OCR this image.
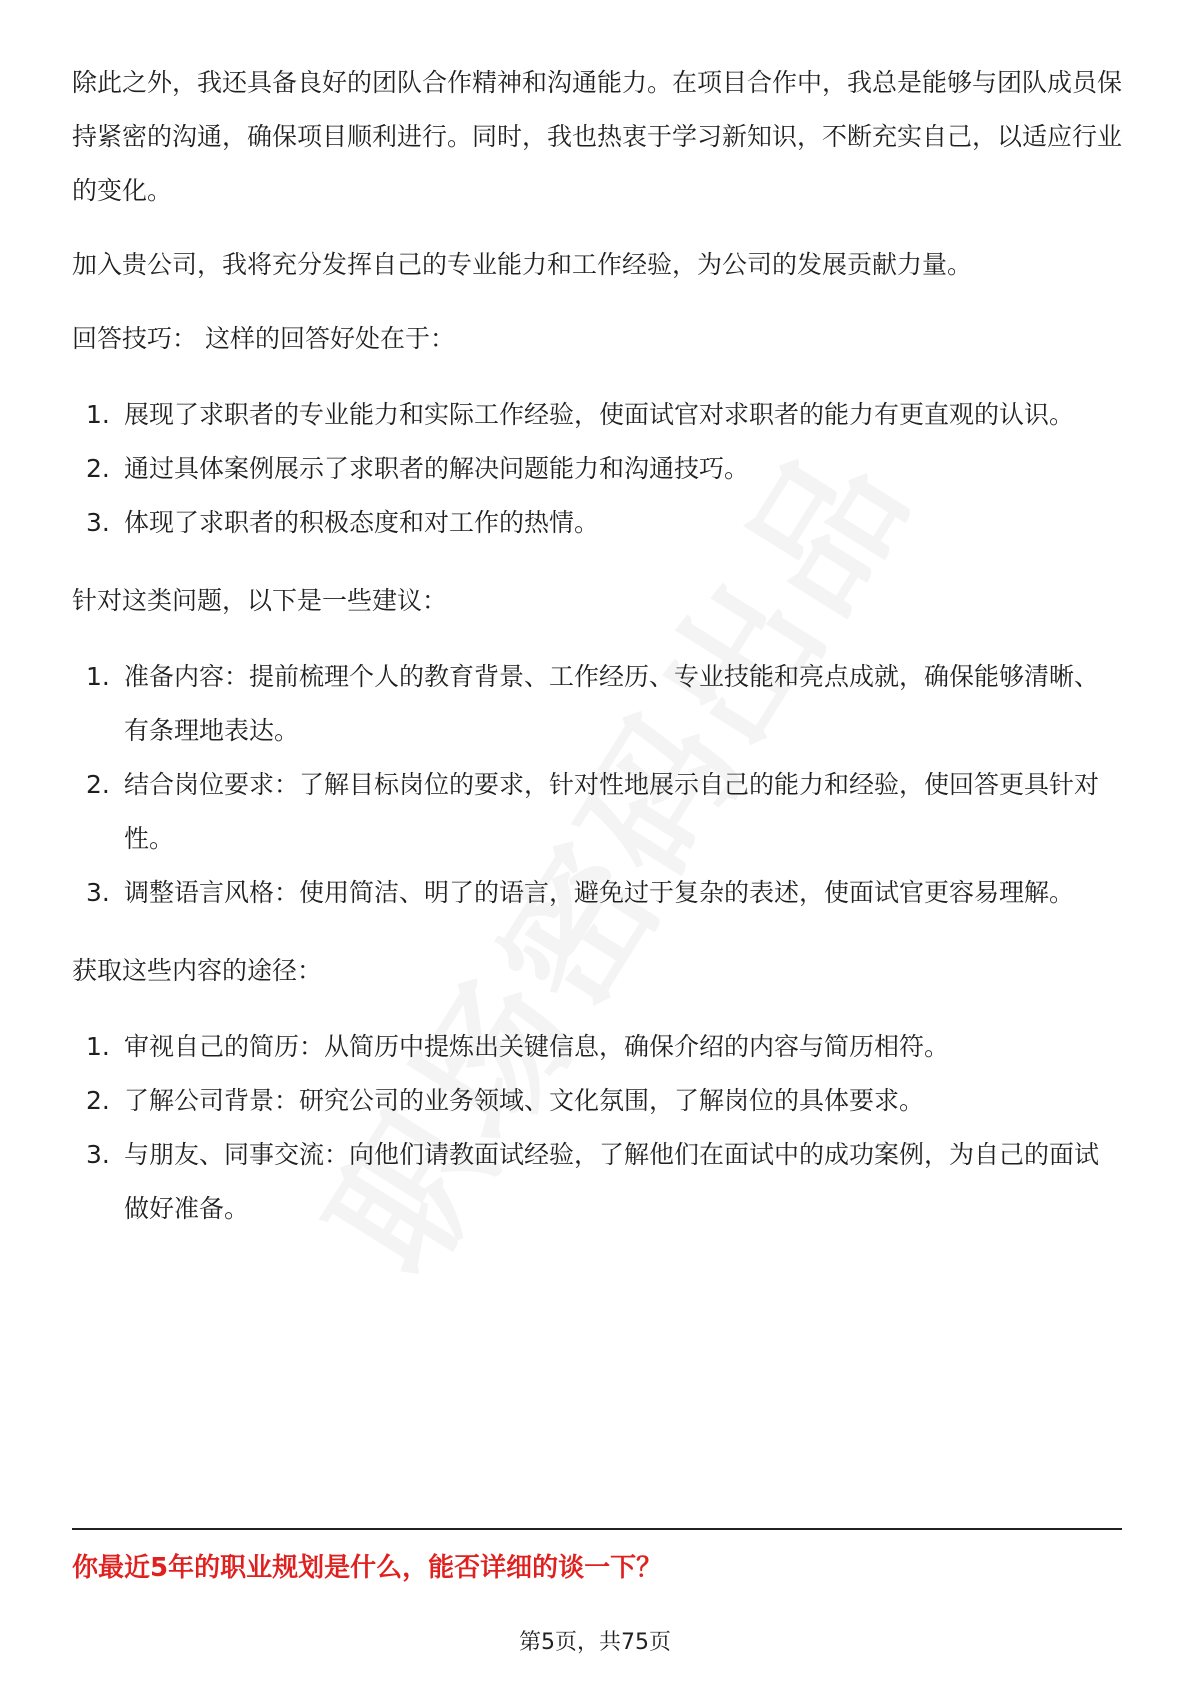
除此之外，我还具备良好的团队合作精神和沟通能力。在项目合作中，我总是能够与团队成员保持紧密的沟通，确保项目顺利进行。同时，我也热衷于学习新知识，不断充实自己，以适应行业的变化。

加入贵公司，我将充分发挥自己的专业能力和工作经验，为公司的发展贡献力量。

回答技巧： 这样的回答好处在于：

1. 展现了求职者的专业能力和实际工作经验，使面试官对求职者的能力有更直观的认识。
2. 通过具体案例展示了求职者的解决问题能力和沟通技巧。
3. 体现了求职者的积极态度和对工作的热情。

针对这类问题，以下是一些建议：

1. 准备内容：提前梳理个人的教育背景、工作经历、专业技能和亮点成就，确保能够清晰、有条理地表达。
2. 结合岗位要求：了解目标岗位的要求，针对性地展示自己的能力和经验，使回答更具针对性。
3. 调整语言风格：使用简洁、明了的语言，避免过于复杂的表述，使面试官更容易理解。

获取这些内容的途径：

1. 审视自己的简历：从简历中提炼出关键信息，确保介绍的内容与简历相符。
2. 了解公司背景：研究公司的业务领域、文化氛围，了解岗位的具体要求。
3. 与朋友、同事交流：向他们请教面试经验，了解他们在面试中的成功案例，为自己的面试做好准备。
你最近5年的职业规划是什么，能否详细的谈一下？
第5页，共75页
